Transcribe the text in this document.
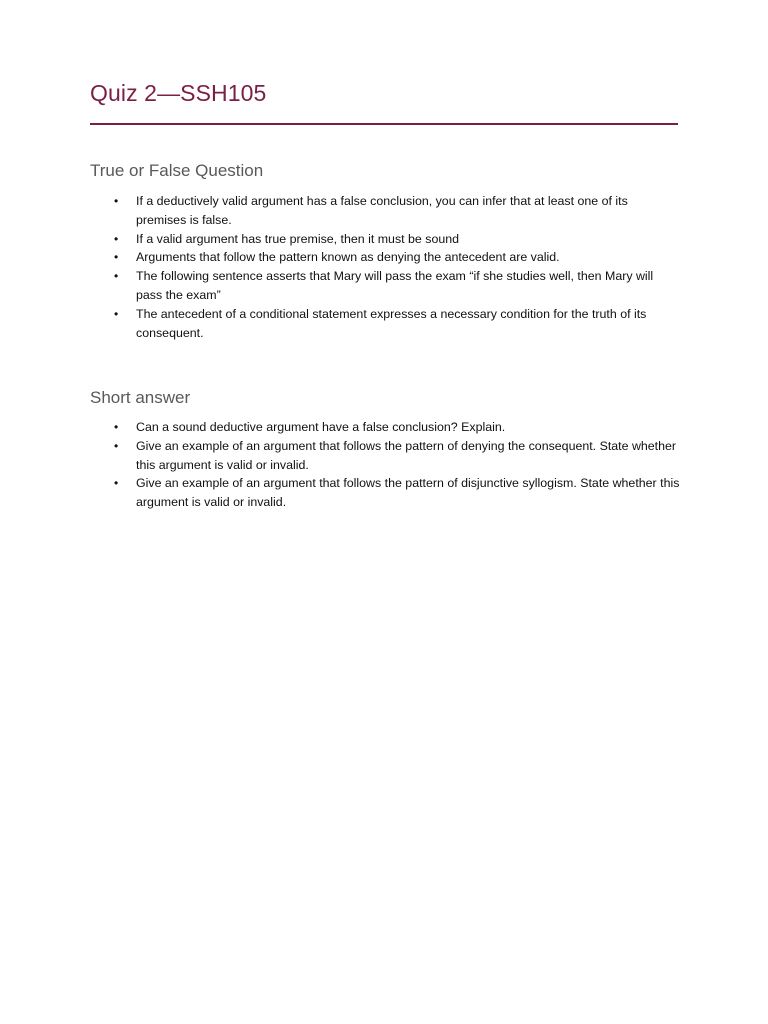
Quiz 2—SSH105
True or False Question
• If a deductively valid argument has a false conclusion, you can infer that at least one of its premises is false.
• If a valid argument has true premise, then it must be sound
• Arguments that follow the pattern known as denying the antecedent are valid.
• The following sentence asserts that Mary will pass the exam “if she studies well, then Mary will pass the exam”
• The antecedent of a conditional statement expresses a necessary condition for the truth of its consequent.
Short answer
• Can a sound deductive argument have a false conclusion? Explain.
• Give an example of an argument that follows the pattern of denying the consequent. State whether this argument is valid or invalid.
• Give an example of an argument that follows the pattern of disjunctive syllogism. State whether this argument is valid or invalid.
